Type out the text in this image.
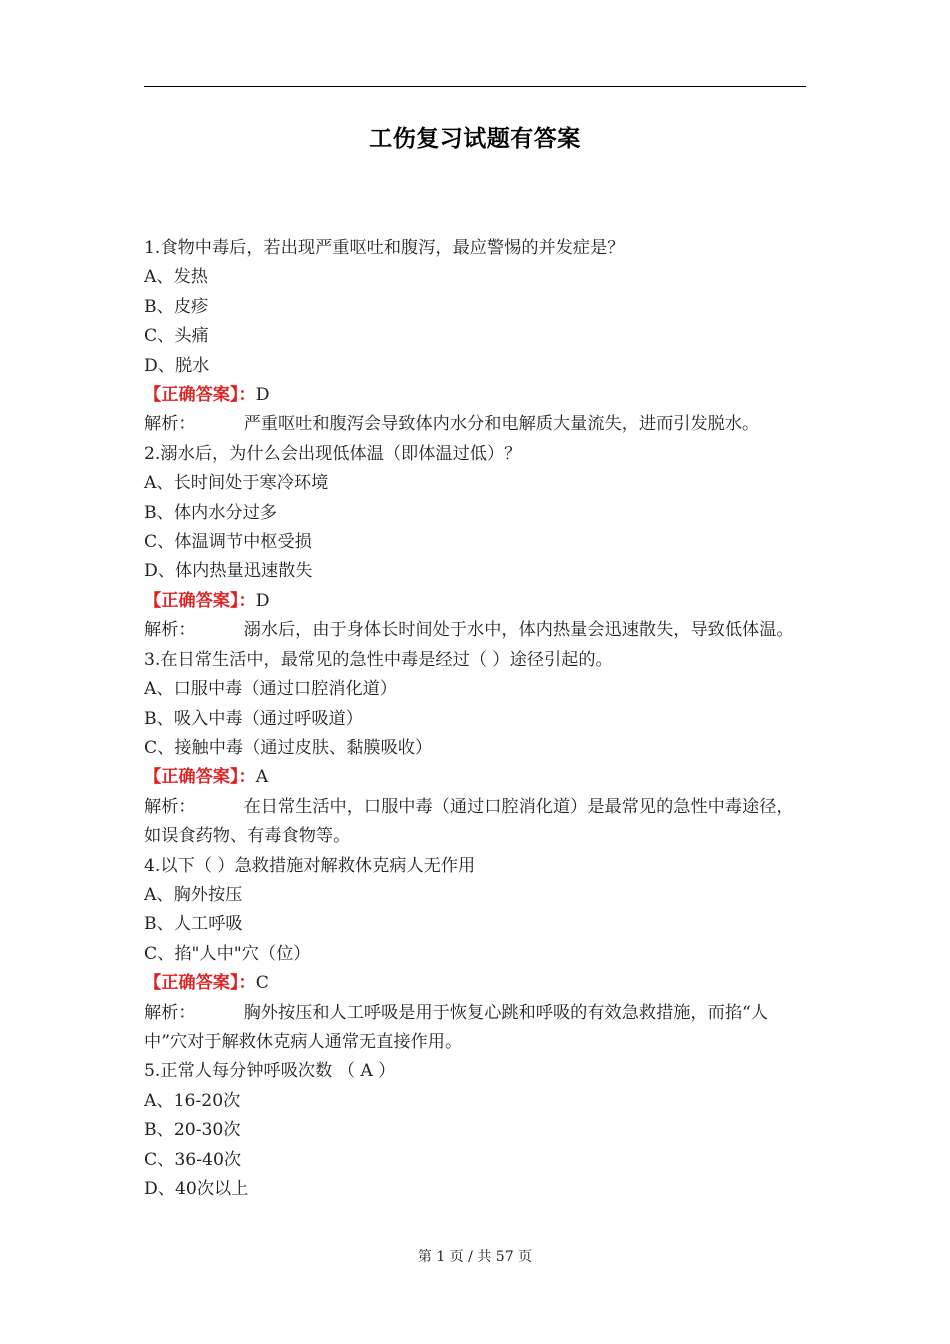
工伤复习试题有答案
1.食物中毒后，若出现严重呕吐和腹泻，最应警惕的并发症是？
A、发热
B、皮疹
C、头痛
D、脱水
【正确答案】：D
解析：	严重呕吐和腹泻会导致体内水分和电解质大量流失，进而引发脱水。
2.溺水后，为什么会出现低体温（即体温过低）？
A、长时间处于寒冷环境
B、体内水分过多
C、体温调节中枢受损
D、体内热量迅速散失
【正确答案】：D
解析：	溺水后，由于身体长时间处于水中，体内热量会迅速散失，导致低体温。
3.在日常生活中，最常见的急性中毒是经过（ ）途径引起的。
A、口服中毒（通过口腔消化道）
B、吸入中毒（通过呼吸道）
C、接触中毒（通过皮肤、黏膜吸收）
【正确答案】：A
解析：	在日常生活中，口服中毒（通过口腔消化道）是最常见的急性中毒途径，如误食药物、有毒食物等。
4.以下（ ）急救措施对解救休克病人无作用
A、胸外按压
B、人工呼吸
C、掐"人中"穴（位）
【正确答案】：C
解析：	胸外按压和人工呼吸是用于恢复心跳和呼吸的有效急救措施，而掐“人中”穴对于解救休克病人通常无直接作用。
5.正常人每分钟呼吸次数 （ A ）
A、16-20次
B、20-30次
C、36-40次
D、40次以上
第 1 页 / 共 57 页
